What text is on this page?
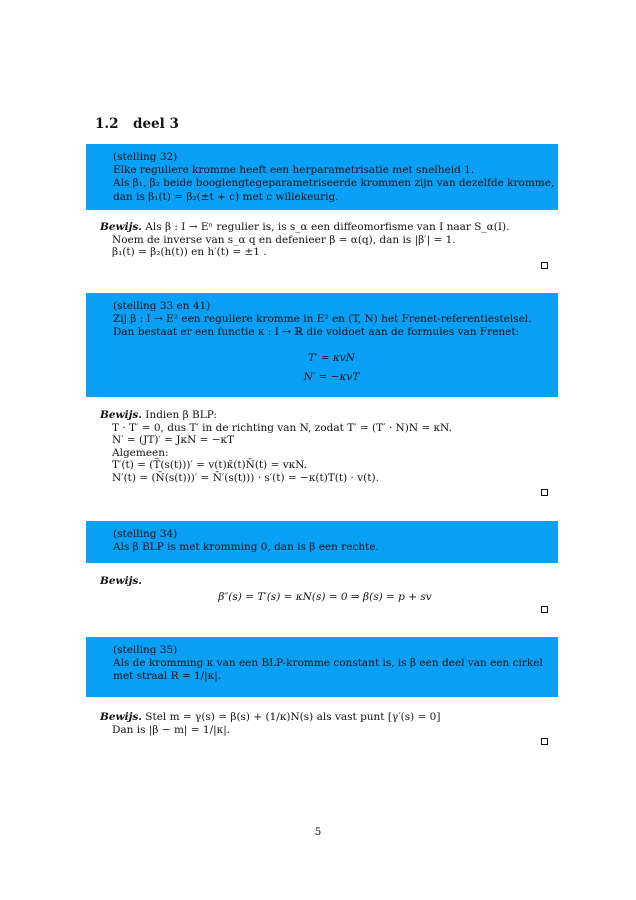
1.2 deel 3
(stelling 32)
Elke reguliere kromme heeft een herparametrisatie met snelheid 1.
Als β₁, β₂ beide booglengtegeparametriseerde krommen zijn van dezelfde kromme,
dan is β₁(t) = β₂(±t + c) met c willekeurig.
Bewijs. Als β : I → Eⁿ regulier is, is s_α een diffeomorfisme van I naar S_α(I).
Noem de inverse van s_α q en defenieer β = α(q), dan is |β′| = 1.
β₁(t) = β₂(h(t)) en h′(t) = ±1 .
(stelling 33 en 41)
Zij β : I → E² een reguliere kromme in E² en (T, N) het Frenet-referentiestelsel.
Dan bestaat er een functie κ : I → ℝ die voldoet aan de formules van Frenet:
T′ = κvN
N′ = −κvT
Bewijs. Indien β BLP:
T · T′ = 0, dus T′ in de richting van N, zodat T′ = (T′ · N)N = κN.
N′ = (JT)′ = JκN = −κT
Algemeen:
T′(t) = (T̄(s(t)))′ = v(t)κ̄(t)N̄(t) = vκN.
N′(t) = (N̄(s(t)))′ = N̄′(s(t))) · s′(t) = −κ(t)T(t) · v(t).
(stelling 34)
Als β BLP is met kromming 0, dan is β een rechte.
Bewijs.
β″(s) = T′(s) = κN(s) = 0 ⇒ β(s) = p + sv
(stelling 35)
Als de kromming κ van een BLP-kromme constant is, is β een deel van een cirkel met straal R = 1/|κ|.
Bewijs. Stel m = γ(s) = β(s) + (1/κ)N(s) als vast punt [γ′(s) = 0]
Dan is |β − m| = 1/|κ|.
5
